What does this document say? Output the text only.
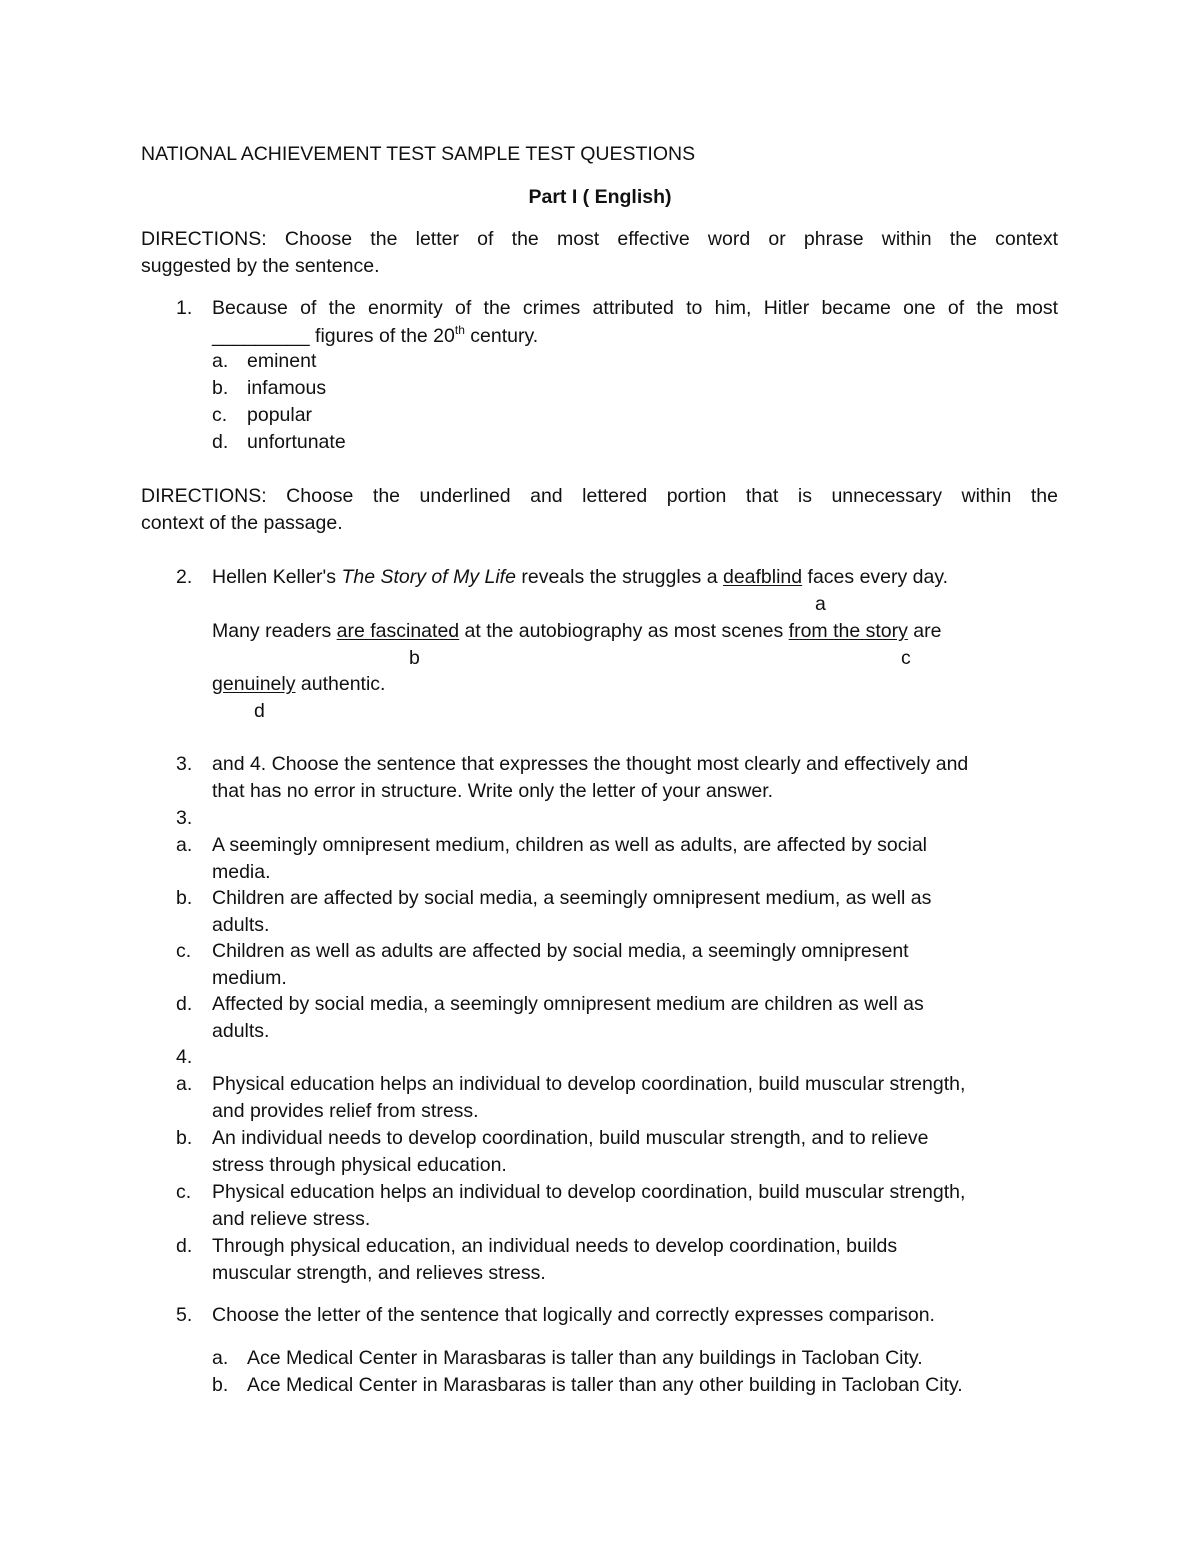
NATIONAL ACHIEVEMENT TEST SAMPLE TEST QUESTIONS
Part I ( English)
DIRECTIONS: Choose the letter of the most effective word or phrase within the context
suggested by the sentence.
1. Because of the enormity of the crimes attributed to him, Hitler became one of the most
_________ figures of the 20th century.
a. eminent
b. infamous
c. popular
d. unfortunate
DIRECTIONS: Choose the underlined and lettered portion that is unnecessary within the
context of the passage.
2. Hellen Keller's The Story of My Life reveals the struggles a deafblind faces every day.
a
Many readers are fascinated at the autobiography as most scenes from the story are
b	c
genuinely authentic.
d
3. and 4. Choose the sentence that expresses the thought most clearly and effectively and
that has no error in structure. Write only the letter of your answer.
3.
a. A seemingly omnipresent medium, children as well as adults, are affected by social
media.
b. Children are affected by social media, a seemingly omnipresent medium, as well as
adults.
c. Children as well as adults are affected by social media, a seemingly omnipresent
medium.
d. Affected by social media, a seemingly omnipresent medium are children as well as
adults.
4.
a. Physical education helps an individual to develop coordination, build muscular strength,
and provides relief from stress.
b. An individual needs to develop coordination, build muscular strength, and to relieve
stress through physical education.
c. Physical education helps an individual to develop coordination, build muscular strength,
and relieve stress.
d. Through physical education, an individual needs to develop coordination, builds
muscular strength, and relieves stress.
5. Choose the letter of the sentence that logically and correctly expresses comparison.
a. Ace Medical Center in Marasbaras is taller than any buildings in Tacloban City.
b. Ace Medical Center in Marasbaras is taller than any other building in Tacloban City.
